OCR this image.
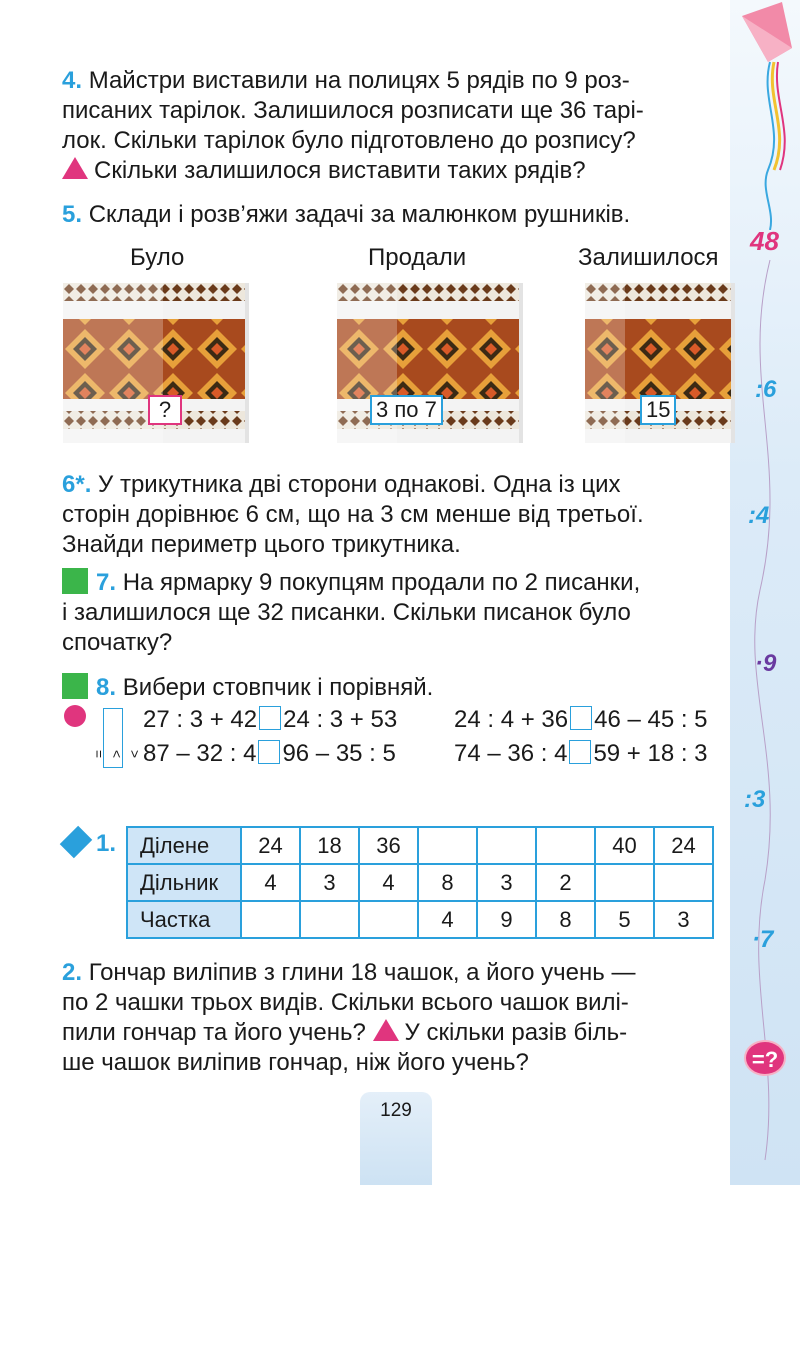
48
:6
:4
·9
:3
·7
=?
4. Майстри виставили на полицях 5 рядів по 9 роз-
писаних тарілок. Залишилося розписати ще 36 тарі-
лок. Скільки тарілок було підготовлено до розпису?
Скільки залишилося виставити таких рядів?
5. Склади і розв’яжи задачі за малюнком рушників.
Було	Продали	Залишилося
?	3 по 7	15
6*. У трикутника дві сторони однакові. Одна із цих
сторін дорівнює 6 см, що на 3 см менше від третьої.
Знайди периметр цього трикутника.
7. На ярмарку 9 покупцям продали по 2 писанки,
і залишилося ще 32 писанки. Скільки писанок було
спочатку?
8. Вибери стовпчик і порівняй.

>
<
=

27 : 3 + 42 24 : 3 + 53 24 : 4 + 36 46 – 45 : 5
87 – 32 : 4 96 – 35 : 5 74 – 36 : 4 59 + 18 : 3
1. Ділене	24	18	36				40	24
Дільник	4	3	4	8	3	2		
Частка				4	9	8	5	3
2. Гончар виліпив з глини 18 чашок, а його учень —
по 2 чашки трьох видів. Скільки всього чашок вилі-
пили гончар та його учень? У скільки разів біль-
ше чашок виліпив гончар, ніж його учень?
129
